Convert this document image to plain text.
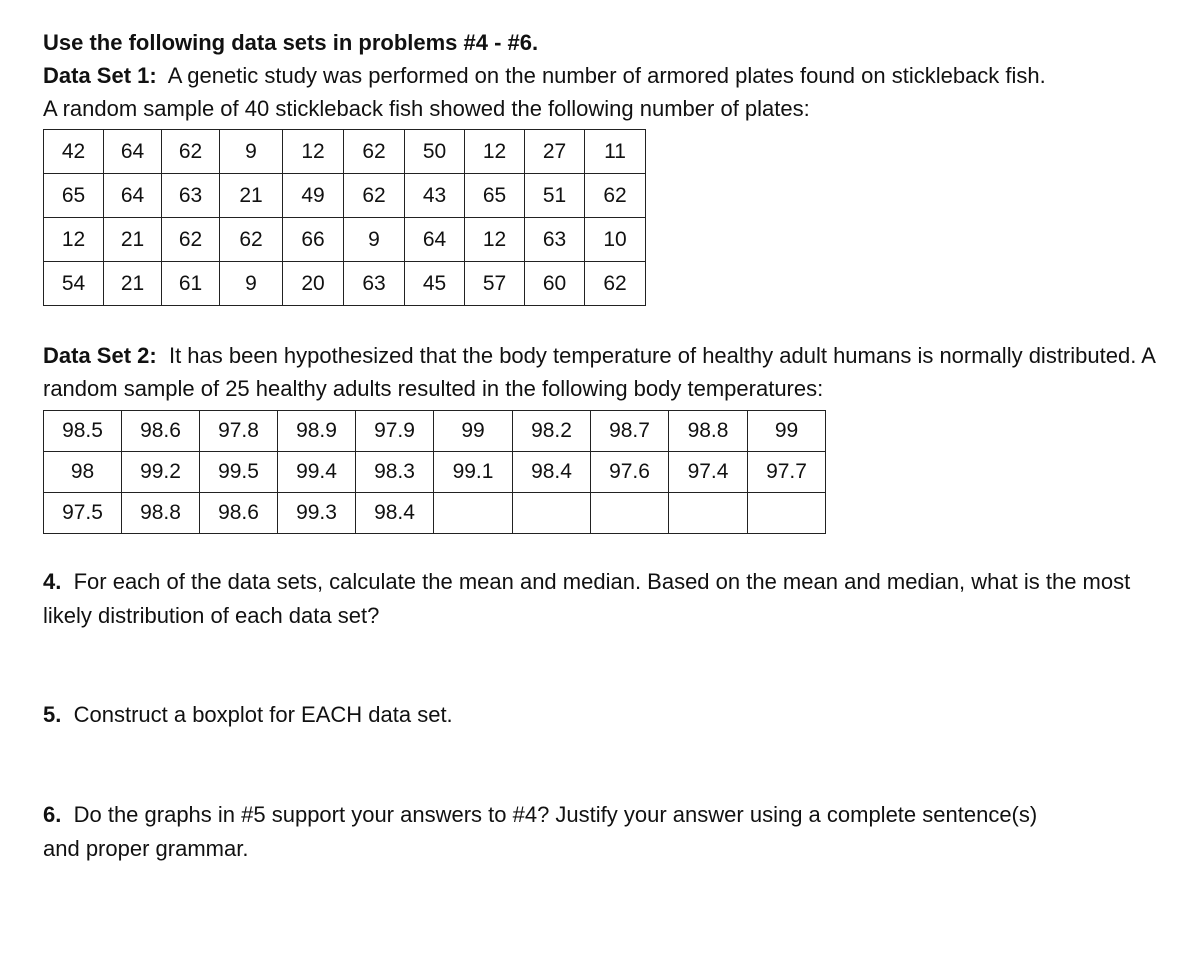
Use the following data sets in problems #4 - #6.
Data Set 1: A genetic study was performed on the number of armored plates found on stickleback fish.
A random sample of 40 stickleback fish showed the following number of plates:
42	64	62	9	12	62	50	12	27	11
65	64	63	21	49	62	43	65	51	62
12	21	62	62	66	9	64	12	63	10
54	21	61	9	20	63	45	57	60	62
Data Set 2: It has been hypothesized that the body temperature of healthy adult humans is normally distributed. A random sample of 25 healthy adults resulted in the following body temperatures:
98.5	98.6	97.8	98.9	97.9	99	98.2	98.7	98.8	99
98	99.2	99.5	99.4	98.3	99.1	98.4	97.6	97.4	97.7
97.5	98.8	98.6	99.3	98.4					
4. For each of the data sets, calculate the mean and median. Based on the mean and median, what is the most likely distribution of each data set?
5. Construct a boxplot for EACH data set.
6. Do the graphs in #5 support your answers to #4? Justify your answer using a complete sentence(s) and proper grammar.
